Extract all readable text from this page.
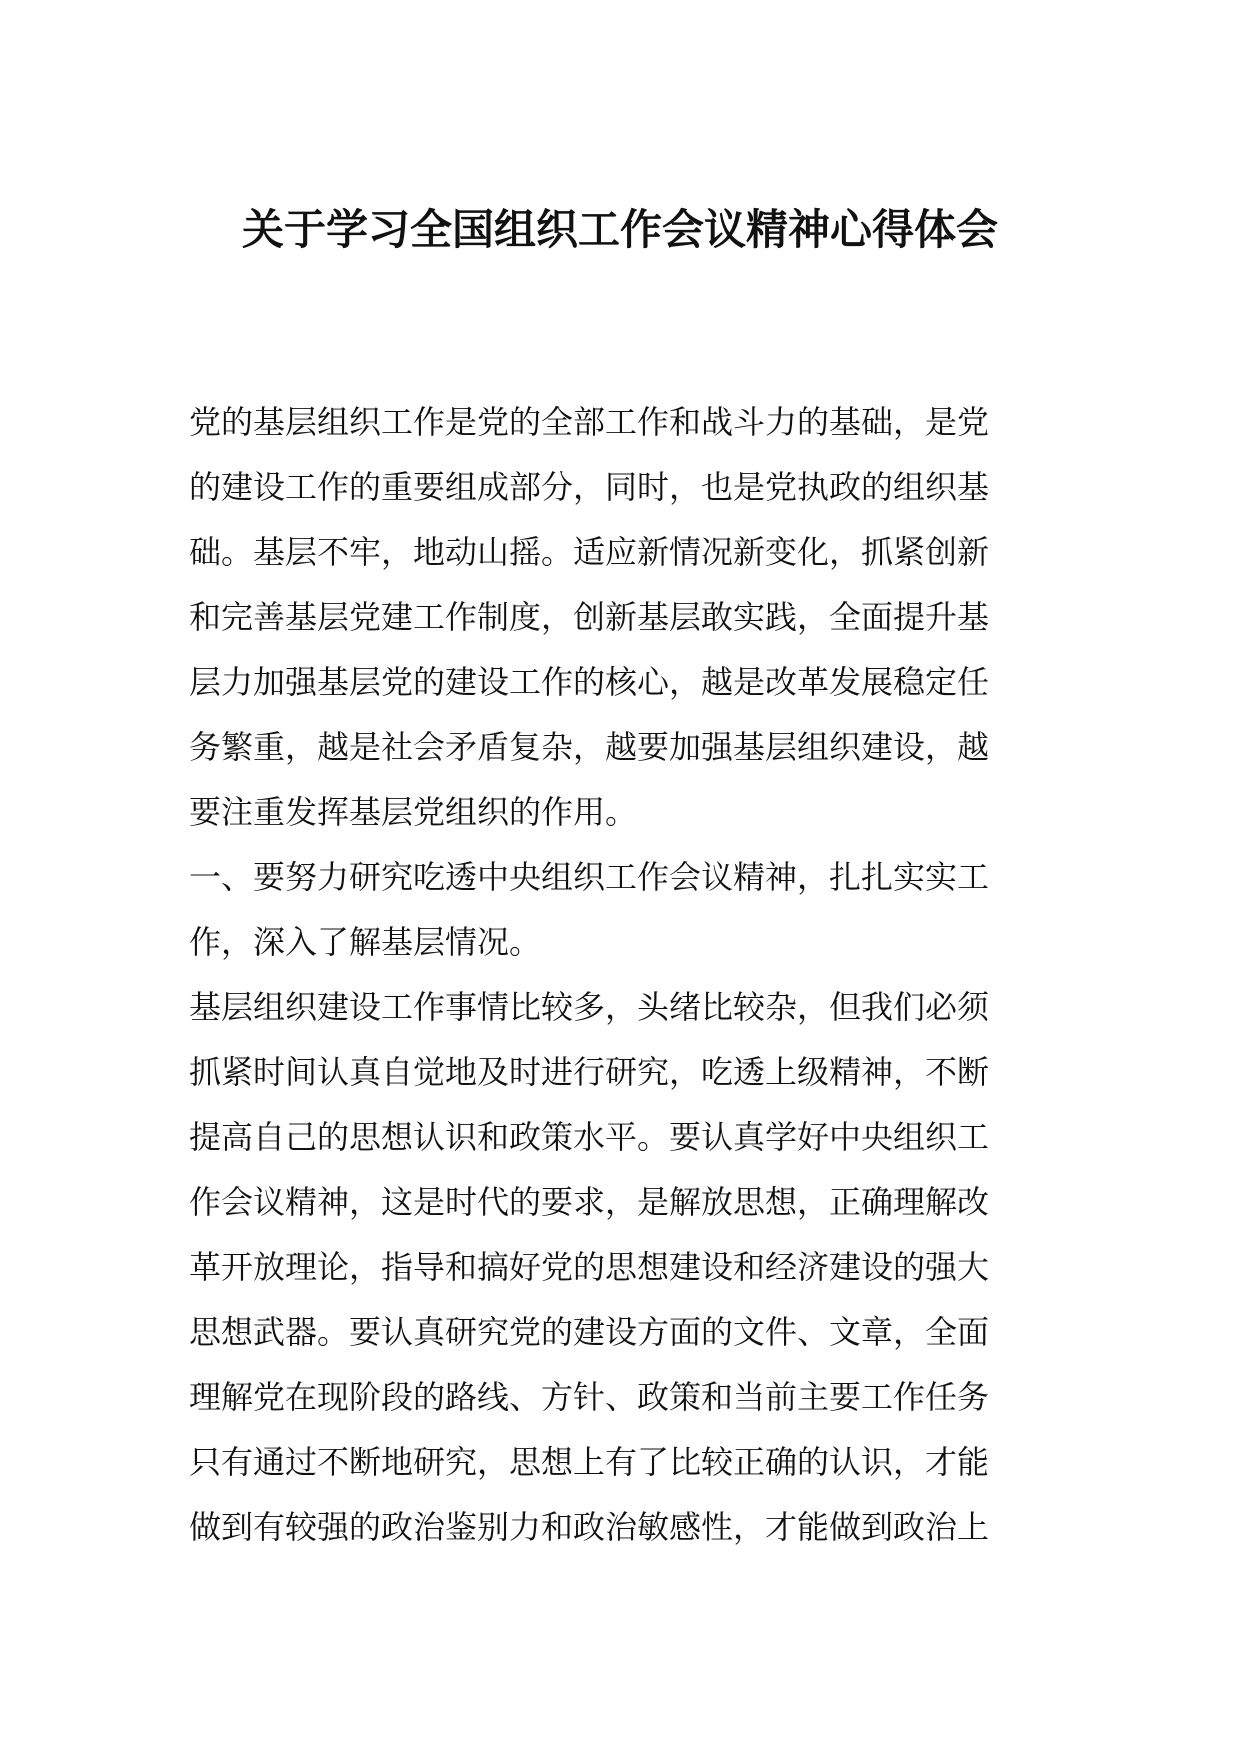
关于学习全国组织工作会议精神心得体会
党的基层组织工作是党的全部工作和战斗力的基础，是党
的建设工作的重要组成部分，同时，也是党执政的组织基
础。基层不牢，地动山摇。适应新情况新变化，抓紧创新
和完善基层党建工作制度，创新基层敢实践，全面提升基
层力加强基层党的建设工作的核心，越是改革发展稳定任
务繁重，越是社会矛盾复杂，越要加强基层组织建设，越
要注重发挥基层党组织的作用。
一、要努力研究吃透中央组织工作会议精神，扎扎实实工
作，深入了解基层情况。
基层组织建设工作事情比较多，头绪比较杂，但我们必须
抓紧时间认真自觉地及时进行研究，吃透上级精神，不断
提高自己的思想认识和政策水平。要认真学好中央组织工
作会议精神，这是时代的要求，是解放思想，正确理解改
革开放理论，指导和搞好党的思想建设和经济建设的强大
思想武器。要认真研究党的建设方面的文件、文章，全面
理解党在现阶段的路线、方针、政策和当前主要工作任务
只有通过不断地研究，思想上有了比较正确的认识，才能
做到有较强的政治鉴别力和政治敏感性，才能做到政治上
